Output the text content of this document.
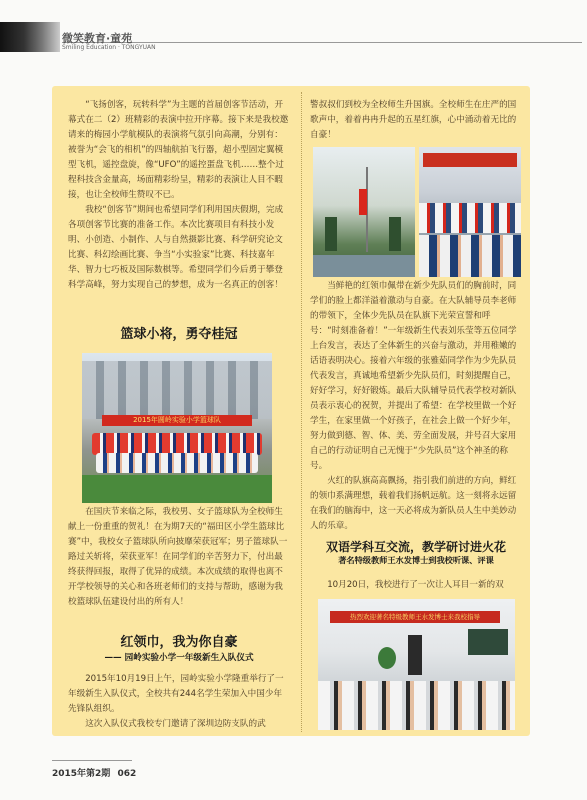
微笑教育·童苑
Smiling Education · TONGYUAN

“飞扬创客，玩转科学”为主题的首届创客节活动，开幕式在二（2）班精彩的表演中拉开序幕。接下来是我校邀请来的梅园小学航模队的表演将气氛引向高潮，分别有：被誉为“会飞的相机”的四轴航拍飞行器，超小型固定翼模型飞机，遥控盘旋，像“UFO”的遥控蛋盘飞机……整个过程科技含金量高，场面精彩纷呈，精彩的表演让人目不暇接，也让全校师生赞叹不已。

我校“创客节”期间也希望同学们利用国庆假期，完成各项创客节比赛的准备工作。本次比赛项目有科技小发明、小创造、小制作、人与自然摄影比赛、科学研究论文比赛、科幻绘画比赛、争当“小实验家”比赛、科技嘉年华、智力七巧板及国际数棋等。希望同学们今后勇于攀登科学高峰，努力实现自己的梦想，成为一名真正的创客！

篮球小将，勇夺桂冠
2015年圆岭实验小学篮球队

在国庆节来临之际，我校男、女子篮球队为全校师生献上一份重重的贺礼！在为期7天的“福田区小学生篮球比赛”中，我校女子篮球队所向披靡荣获冠军；男子篮球队一路过关斩将，荣获亚军！在同学们的辛苦努力下，付出最终获得回报，取得了优异的成绩。本次成绩的取得也离不开学校领导的关心和各班老师们的支持与帮助，感谢为我校篮球队伍建设付出的所有人！

红领巾，我为你自豪
—— 园岭实验小学一年级新生入队仪式

2015年10月19日上午，园岭实验小学隆重举行了一年级新生入队仪式，全校共有244名学生荣加入中国少年先锋队组织。

这次入队仪式我校专门邀请了深圳边防支队的武

警叔叔们到校为全校师生升国旗。全校师生在庄严的国歌声中，着着冉冉升起的五星红旗，心中涌动着无比的自豪！

当鲜艳的红领巾佩带在新少先队员们的胸前时，同学们的脸上都洋溢着激动与自豪。在大队辅导员李老师的带领下，全体少先队员在队旗下光荣宣誓和呼号：“时刻准备着！”一年级新生代表刘乐莹等五位同学上台发言，表达了全体新生的兴奋与激动，并用稚嫩的话语表明决心。接着六年级的张雅茹同学作为少先队员代表发言，真诚地希望新少先队员们，时刻提醒自己，好好学习，好好锻炼。最后大队辅导员代表学校对新队员表示衷心的祝贺，并提出了希望：在学校里做一个好学生，在家里做一个好孩子，在社会上做一个好少年，努力做到德、智、体、美、劳全面发展，并号召大家用自己的行动证明自己无愧于“少先队员”这个神圣的称号。

火红的队旗高高飘扬，指引我们前进的方向，鲜红的领巾系满理想，载着我们扬帆远航。这一刻将永远留在我们的脑海中，这一天必将成为新队员人生中美妙动人的乐章。

双语学科互交流，教学研讨进火花
著名特级教师王水发博士到我校听课、评课

10月20日，我校进行了一次让人耳目一新的双

热烈欢迎著名特级教师王水发博士来我校指导
2015年第2期 062
